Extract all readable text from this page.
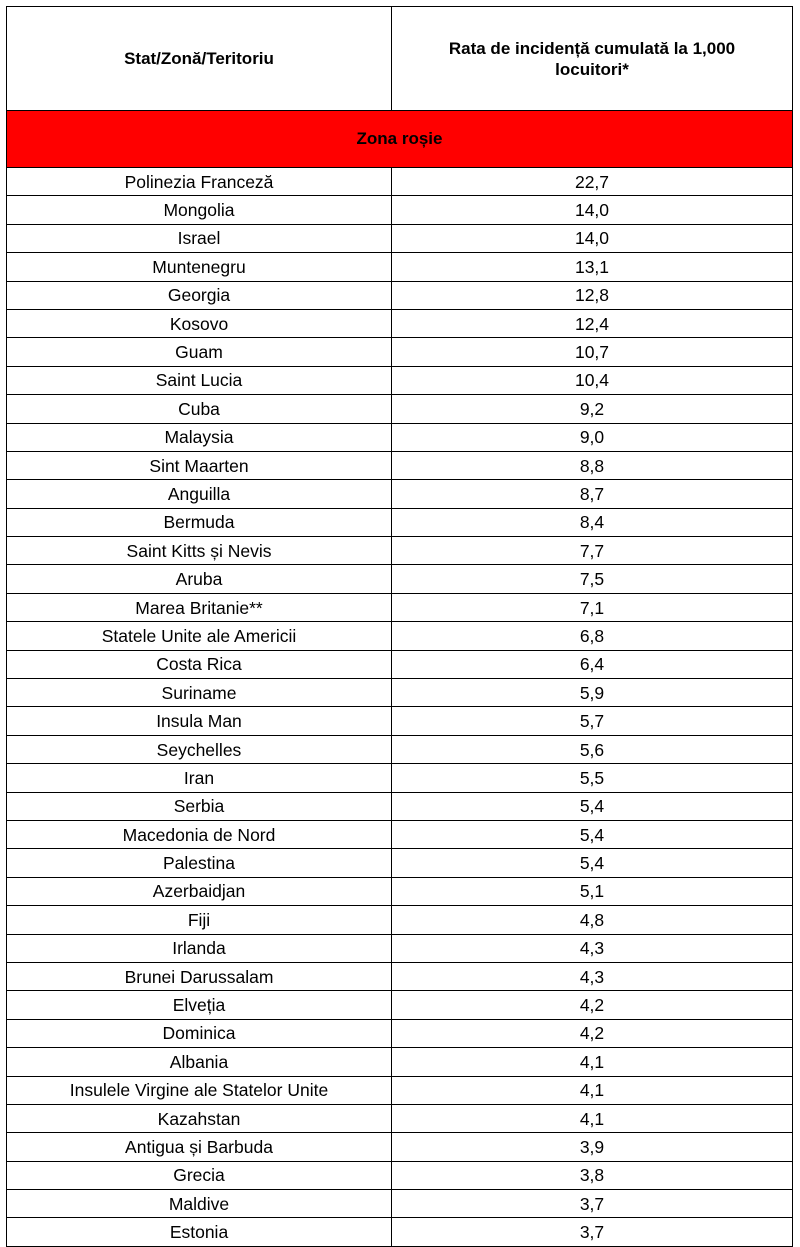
Stat/Zonă/Teritoriu	Rata de incidență cumulată la 1,000 locuitori*
Zona roșie	
Polinezia Franceză	22,7
Mongolia	14,0
Israel	14,0
Muntenegru	13,1
Georgia	12,8
Kosovo	12,4
Guam	10,7
Saint Lucia	10,4
Cuba	9,2
Malaysia	9,0
Sint Maarten	8,8
Anguilla	8,7
Bermuda	8,4
Saint Kitts și Nevis	7,7
Aruba	7,5
Marea Britanie**	7,1
Statele Unite ale Americii	6,8
Costa Rica	6,4
Suriname	5,9
Insula Man	5,7
Seychelles	5,6
Iran	5,5
Serbia	5,4
Macedonia de Nord	5,4
Palestina	5,4
Azerbaidjan	5,1
Fiji	4,8
Irlanda	4,3
Brunei Darussalam	4,3
Elveția	4,2
Dominica	4,2
Albania	4,1
Insulele Virgine ale Statelor Unite	4,1
Kazahstan	4,1
Antigua și Barbuda	3,9
Grecia	3,8
Maldive	3,7
Estonia	3,7
